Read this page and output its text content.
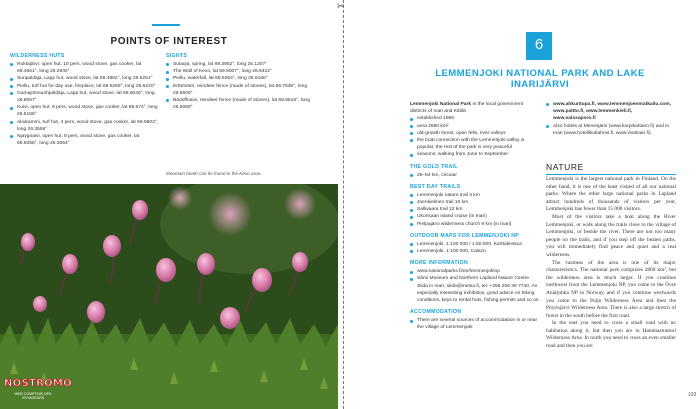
POINTS OF INTEREST
WILDERNESS HUTS
Ruktajärvi, open hut, 10 pers, wood stove, gas cooker, lat 69.4561°, long 26.2940°
Sunpaldäja, Lapp hut, wood stove, lat 69.4982°, long 26.5251°
Piellu, turf hut for day use, fireplace, lat 69.5269°, long 26.6220°
Gamajotnsuohpáldája, Lapp hut, wood stove, lat 69.6040°, long 26.8067°
Kuivi, open hut, 8 pers, wood stove, gas cooker, lat 69.674°, long 26.5168°
Akukammi, turf hut, 4 pers, wood stove, gas cooker, lat 69.5603°, long 26.3556°
Njavgoaivi, open hut, 8 pers, wood stove, gas cooker, lat 69.5058°, long 26.3054°
SIGHTS
Sulaoja, spring, lat 69.3952°, long 26.1207°
The Wall of Kevo, lat 69.5007°, long 26.5422°
Piellu, waterfall, lat 69.5264°, long 26.6160°
Erttetvärri, reindeer fence (made of stones), lat 69.7838°, long 26.6509°
Bädoffoaivi, reindeer fence (made of stones), lat 69.6516°, long 26.5069°
Mountain heath can be found in the Kevo area.
NOSTROMO
WEB COMPTOIR DES VOYAGEURS
✂
6
LEMMENJOKI NATIONAL PARK AND LAKE INARIJÄRVI
Lemmenjoki National Park in the local government districts of Inari and Kittilä
established 1956
area 2860 km²
old-growth forest, open fells, river valleys
the boat connection with the Lemmenjoki valley is popular, the rest of the park is very peaceful
seasons: walking from June to September
THE GOLD TRAIL
25–54 km, circular
BEST DAY TRAILS
Lemmenjoki nature trail 4 km
Joenkielinen trail 16 km
Sallivaara trail 12 km
Ukonsaari island cruise (in Inari)
Pielpajärvi wilderness church 9 km (in Inari)
OUTDOOR MAPS FOR LEMMENJOKI NP
Lemmenjoki, 1:100 000 / 1:50 000, Karttakeskus
Lemmenjoki, 1:100 000, Calazo
MORE INFORMATION
www.nationalparks.fi/en/lemmenjokinp
Sámi Museum and Northern Lapland Nature Centre Siida in Inari, siida@metsa.fi, tel. +358 206 39 7740. An especially interesting exhibition, good advice on hiking conditions, keys to rental huts, fishing permits and so on.
ACCOMMODATION
There are several sources of accommodation in or near the village of Lemmenjoki:
www.ahkuntupa.fi, www.lemmenjoenmatkailu.com, www.paltto.fi, www.lemmenkieli.fi, www.valssaporo.fi
Also hotels at Menesjärvi (www.korpikartano.fi) and in Inari (www.hotellikultahovi.fi, www.visitinari.fi).
NATURE

Lemmenjoki is the largest national park in Finland. On the other hand, it is one of the least visited of all our national parks. Where the other large national parks in Lapland attract hundreds of thousands of visitors per year, Lemmenjoki has fewer than 15 000 visitors.

Most of the visitors take a boat along the River Lemmenjoki, or walk along the trails close to the village of Lemmenjoki, or beside the river. There are not too many people on the trails, and if you step off the beaten paths, you will immediately find peace and quiet and a real wilderness.

The vastness of the area is one of its major characteristics. The national park comprises 2860 km², but the wilderness area is much larger. If you continue northwest from the Lemmenjoki NP, you come to the Övre Anárjohka NP in Norway, and if you continue westwards you come to the Pulju Wilderness Area and then the Pöyrisjärvi Wilderness Area. There is also a large stretch of forest in the south before the first road.

In the east you need to cross a small road with no habitation along it, but then you are in Hammastunturi Wilderness Area. In north you need to cross an even smaller road and then you are

193
